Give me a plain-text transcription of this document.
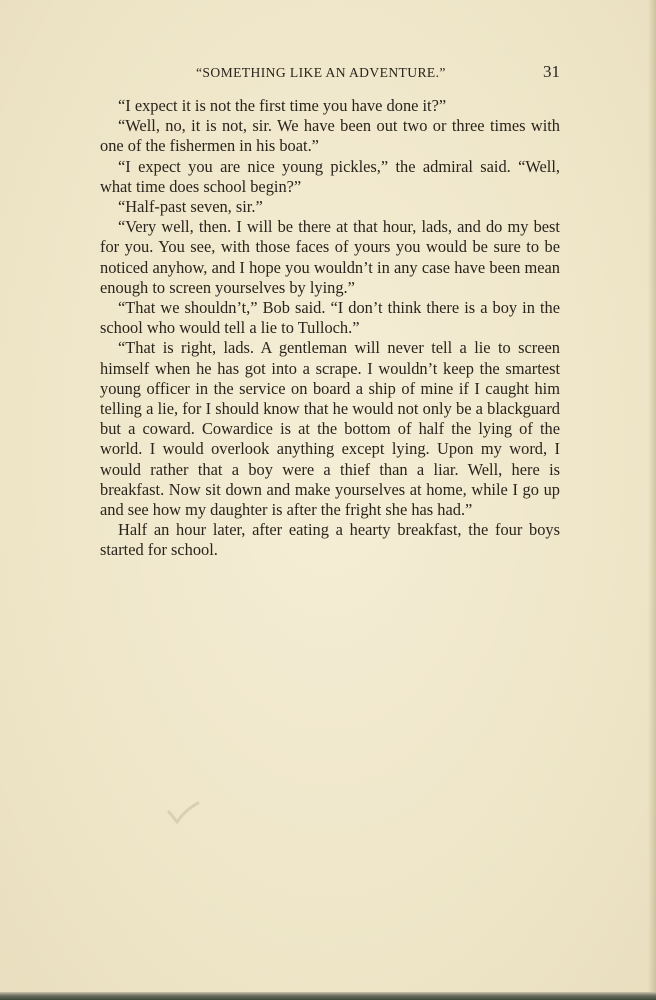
“SOMETHING LIKE AN ADVENTURE.”	31

“I expect it is not the first time you have done it?”

“Well, no, it is not, sir. We have been out two or three times with one of the fishermen in his boat.”

“I expect you are nice young pickles,” the admiral said. “Well, what time does school begin?”

“Half-past seven, sir.”

“Very well, then. I will be there at that hour, lads, and do my best for you. You see, with those faces of yours you would be sure to be noticed anyhow, and I hope you wouldn’t in any case have been mean enough to screen yourselves by lying.”

“That we shouldn’t,” Bob said. “I don’t think there is a boy in the school who would tell a lie to Tulloch.”

“That is right, lads. A gentleman will never tell a lie to screen himself when he has got into a scrape. I wouldn’t keep the smartest young officer in the service on board a ship of mine if I caught him telling a lie, for I should know that he would not only be a blackguard but a coward. Cowardice is at the bottom of half the lying of the world. I would overlook anything except lying. Upon my word, I would rather that a boy were a thief than a liar. Well, here is breakfast. Now sit down and make yourselves at home, while I go up and see how my daughter is after the fright she has had.”

Half an hour later, after eating a hearty breakfast, the four boys started for school.
